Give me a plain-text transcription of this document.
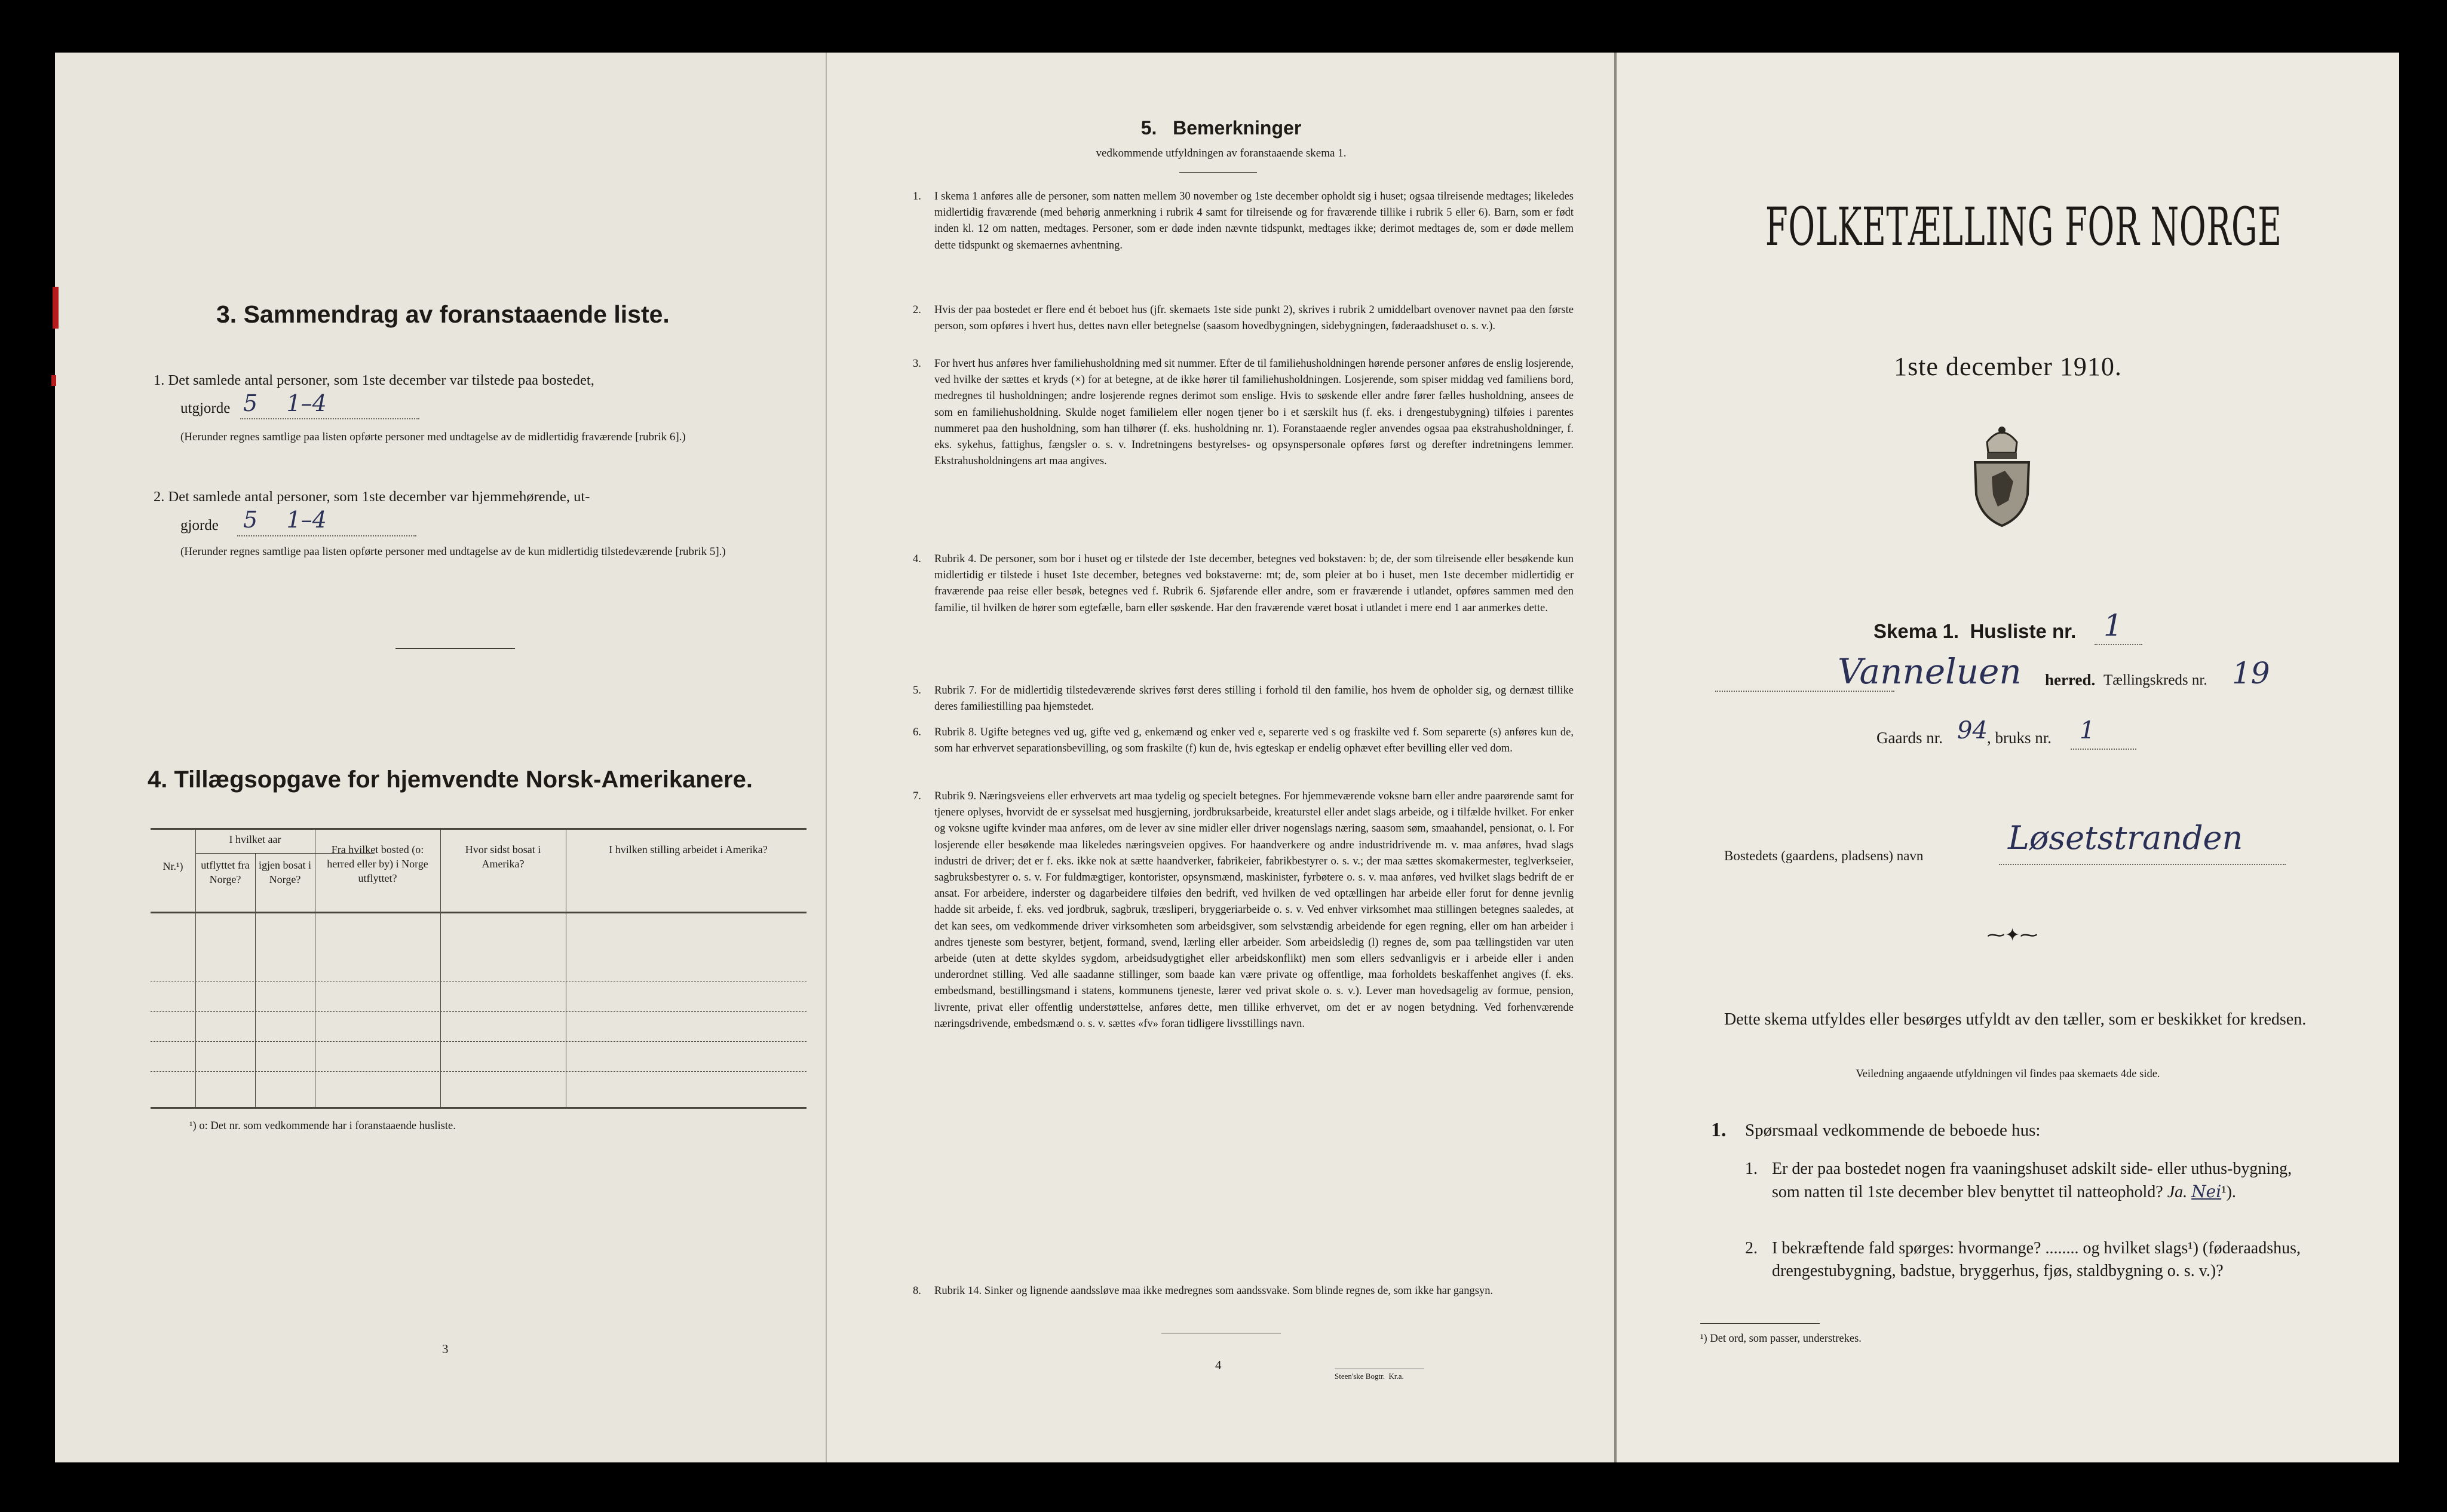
3. Sammendrag av foranstaaende liste.
1. Det samlede antal personer, som 1ste december var tilstede paa bostedet,
utgjorde 5    1–4
(Herunder regnes samtlige paa listen opførte personer med undtagelse av de midlertidig fraværende [rubrik 6].)
2. Det samlede antal personer, som 1ste december var hjemmehørende, ut-
gjorde 5    1–4
(Herunder regnes samtlige paa listen opførte personer med undtagelse av de kun midlertidig tilstedeværende [rubrik 5].)
4. Tillægsopgave for hjemvendte Norsk-Amerikanere.
Nr.¹)
I hvilket aar
utflyttet fra Norge?
igjen bosat i Norge?
Fra hvilket bosted (o: herred eller by) i Norge utflyttet?
Hvor sidst bosat i Amerika?
I hvilken stilling arbeidet i Amerika?
¹) o: Det nr. som vedkommende har i foranstaaende husliste.
3
5.   Bemerkninger
vedkommende utfyldningen av foranstaaende skema 1.
1. I skema 1 anføres alle de personer, som natten mellem 30 november og 1ste december opholdt sig i huset; ogsaa tilreisende medtages; likeledes midlertidig fraværende (med behørig anmerkning i rubrik 4 samt for tilreisende og for fraværende tillike i rubrik 5 eller 6). Barn, som er født inden kl. 12 om natten, medtages. Personer, som er døde inden nævnte tidspunkt, medtages ikke; derimot medtages de, som er døde mellem dette tidspunkt og skemaernes avhentning.
2. Hvis der paa bostedet er flere end ét beboet hus (jfr. skemaets 1ste side punkt 2), skrives i rubrik 2 umiddelbart ovenover navnet paa den første person, som opføres i hvert hus, dettes navn eller betegnelse (saasom hovedbygningen, sidebygningen, føderaadshuset o. s. v.).
3. For hvert hus anføres hver familiehusholdning med sit nummer. Efter de til familiehusholdningen hørende personer anføres de enslig losjerende, ved hvilke der sættes et kryds (×) for at betegne, at de ikke hører til familiehusholdningen. Losjerende, som spiser middag ved familiens bord, medregnes til husholdningen; andre losjerende regnes derimot som enslige. Hvis to søskende eller andre fører fælles husholdning, ansees de som en familiehusholdning. Skulde noget familielem eller nogen tjener bo i et særskilt hus (f. eks. i drengestubygning) tilføies i parentes nummeret paa den husholdning, som han tilhører (f. eks. husholdning nr. 1). Foranstaaende regler anvendes ogsaa paa ekstrahusholdninger, f. eks. sykehus, fattighus, fængsler o. s. v. Indretningens bestyrelses- og opsynspersonale opføres først og derefter indretningens lemmer. Ekstrahusholdningens art maa angives.
4. Rubrik 4. De personer, som bor i huset og er tilstede der 1ste december, betegnes ved bokstaven: b; de, der som tilreisende eller besøkende kun midlertidig er tilstede i huset 1ste december, betegnes ved bokstaverne: mt; de, som pleier at bo i huset, men 1ste december midlertidig er fraværende paa reise eller besøk, betegnes ved f. Rubrik 6. Sjøfarende eller andre, som er fraværende i utlandet, opføres sammen med den familie, til hvilken de hører som egtefælle, barn eller søskende. Har den fraværende været bosat i utlandet i mere end 1 aar anmerkes dette.
5. Rubrik 7. For de midlertidig tilstedeværende skrives først deres stilling i forhold til den familie, hos hvem de opholder sig, og dernæst tillike deres familiestilling paa hjemstedet.
6. Rubrik 8. Ugifte betegnes ved ug, gifte ved g, enkemænd og enker ved e, separerte ved s og fraskilte ved f. Som separerte (s) anføres kun de, som har erhvervet separationsbevilling, og som fraskilte (f) kun de, hvis egteskap er endelig ophævet efter bevilling eller ved dom.
7. Rubrik 9. Næringsveiens eller erhvervets art maa tydelig og specielt betegnes. For hjemmeværende voksne barn eller andre paarørende samt for tjenere oplyses, hvorvidt de er sysselsat med husgjerning, jordbruksarbeide, kreaturstel eller andet slags arbeide, og i tilfælde hvilket. For enker og voksne ugifte kvinder maa anføres, om de lever av sine midler eller driver nogenslags næring, saasom søm, smaahandel, pensionat, o. l. For losjerende eller besøkende maa likeledes næringsveien opgives. For haandverkere og andre industridrivende m. v. maa anføres, hvad slags industri de driver; det er f. eks. ikke nok at sætte haandverker, fabrikeier, fabrikbestyrer o. s. v.; der maa sættes skomakermester, teglverkseier, sagbruksbestyrer o. s. v. For fuldmægtiger, kontorister, opsynsmænd, maskinister, fyrbøtere o. s. v. maa anføres, ved hvilket slags bedrift de er ansat. For arbeidere, inderster og dagarbeidere tilføies den bedrift, ved hvilken de ved optællingen har arbeide eller forut for denne jevnlig hadde sit arbeide, f. eks. ved jordbruk, sagbruk, træsliperi, bryggeriarbeide o. s. v. Ved enhver virksomhet maa stillingen betegnes saaledes, at det kan sees, om vedkommende driver virksomheten som arbeidsgiver, som selvstændig arbeidende for egen regning, eller om han arbeider i andres tjeneste som bestyrer, betjent, formand, svend, lærling eller arbeider. Som arbeidsledig (l) regnes de, som paa tællingstiden var uten arbeide (uten at dette skyldes sygdom, arbeidsudygtighet eller arbeidskonflikt) men som ellers sedvanligvis er i arbeide eller i anden underordnet stilling. Ved alle saadanne stillinger, som baade kan være private og offentlige, maa forholdets beskaffenhet angives (f. eks. embedsmand, bestillingsmand i statens, kommunens tjeneste, lærer ved privat skole o. s. v.). Lever man hovedsagelig av formue, pension, livrente, privat eller offentlig understøttelse, anføres dette, men tillike erhvervet, om det er av nogen betydning. Ved forhenværende næringsdrivende, embedsmænd o. s. v. sættes «fv» foran tidligere livsstillings navn.
8. Rubrik 14. Sinker og lignende aandssløve maa ikke medregnes som aandssvake. Som blinde regnes de, som ikke har gangsyn.
4
Steen'ske Bogtr.  Kr.a.
FOLKETÆLLING FOR NORGE
1ste december 1910.
Skema 1.  Husliste nr. 1
Vanneluen herred. Tællingskreds nr. 19
Gaards nr. 94 , bruks nr. 1
Bostedets (gaardens, pladsens) navn	Løsetstranden
⁓✦⁓
Dette skema utfyldes eller besørges utfyldt av den tæller, som er beskikket for kredsen.
Veiledning angaaende utfyldningen vil findes paa skemaets 4de side.
1. Spørsmaal vedkommende de beboede hus:
1. Er der paa bostedet nogen fra vaaningshuset adskilt side- eller uthus-bygning, som natten til 1ste december blev benyttet til natteophold? Ja. Nei¹).
2. I bekræftende fald spørges: hvormange? ........ og hvilket slags¹) (føderaadshus, drengestubygning, badstue, bryggerhus, fjøs, staldbygning o. s. v.)?
¹) Det ord, som passer, understrekes.
